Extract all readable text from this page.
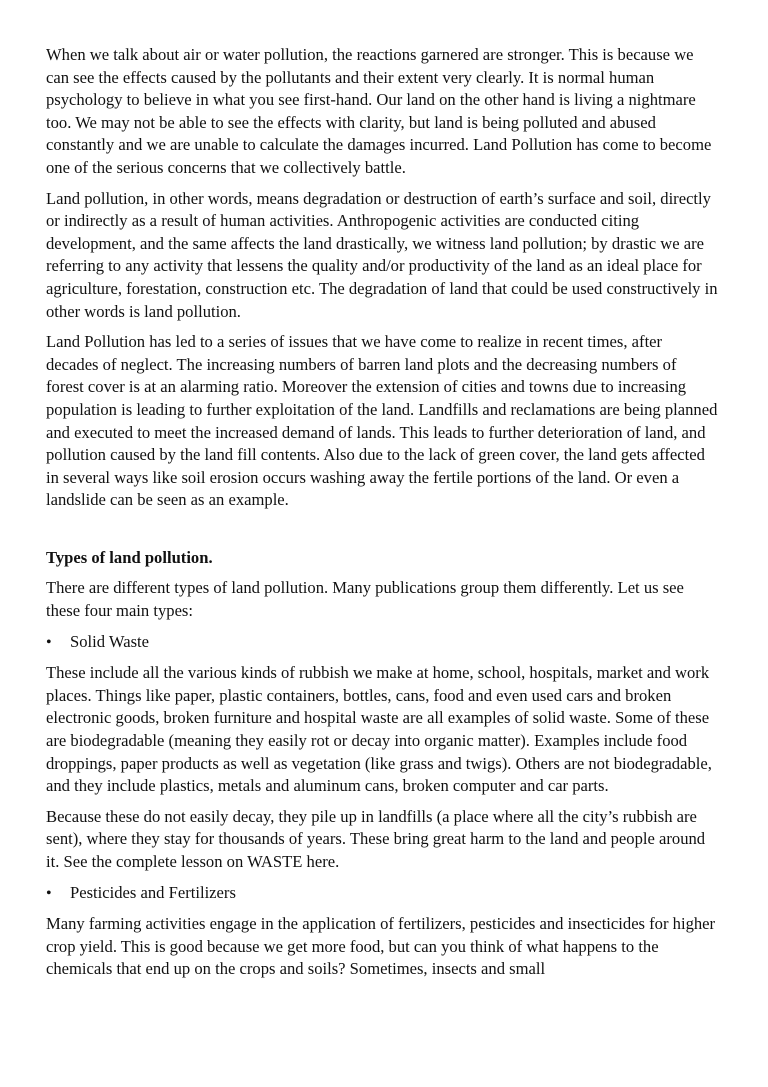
When we talk about air or water pollution, the reactions garnered are stronger. This is because we can see the effects caused by the pollutants and their extent very clearly. It is normal human psychology to believe in what you see first-hand. Our land on the other hand is living a nightmare too. We may not be able to see the effects with clarity, but land is being polluted and abused constantly and we are unable to calculate the damages incurred. Land Pollution has come to become one of the serious concerns that we collectively battle.

Land pollution, in other words, means degradation or destruction of earth’s surface and soil, directly or indirectly as a result of human activities. Anthropogenic activities are conducted citing development, and the same affects the land drastically, we witness land pollution; by drastic we are referring to any activity that lessens the quality and/or productivity of the land as an ideal place for agriculture, forestation, construction etc. The degradation of land that could be used constructively in other words is land pollution.

Land Pollution has led to a series of issues that we have come to realize in recent times, after decades of neglect. The increasing numbers of barren land plots and the decreasing numbers of forest cover is at an alarming ratio. Moreover the extension of cities and towns due to increasing population is leading to further exploitation of the land. Landfills and reclamations are being planned and executed to meet the increased demand of lands. This leads to further deterioration of land, and pollution caused by the land fill contents. Also due to the lack of green cover, the land gets affected in several ways like soil erosion occurs washing away the fertile portions of the land. Or even a landslide can be seen as an example.

Types of land pollution.

There are different types of land pollution. Many publications group them differently. Let us see these four main types:

•	Solid Waste

These include all the various kinds of rubbish we make at home, school, hospitals, market and work places. Things like paper, plastic containers, bottles, cans, food and even used cars and broken electronic goods, broken furniture and hospital waste are all examples of solid waste. Some of these are biodegradable (meaning they easily rot or decay into organic matter). Examples include food droppings, paper products as well as vegetation (like grass and twigs). Others are not biodegradable, and they include plastics, metals and aluminum cans, broken computer and car parts.

Because these do not easily decay, they pile up in landfills (a place where all the city’s rubbish are sent), where they stay for thousands of years. These bring great harm to the land and people around it. See the complete lesson on WASTE here.

•	Pesticides and Fertilizers

Many farming activities engage in the application of fertilizers, pesticides and insecticides for higher crop yield. This is good because we get more food, but can you think of what happens to the chemicals that end up on the crops and soils? Sometimes, insects and small
